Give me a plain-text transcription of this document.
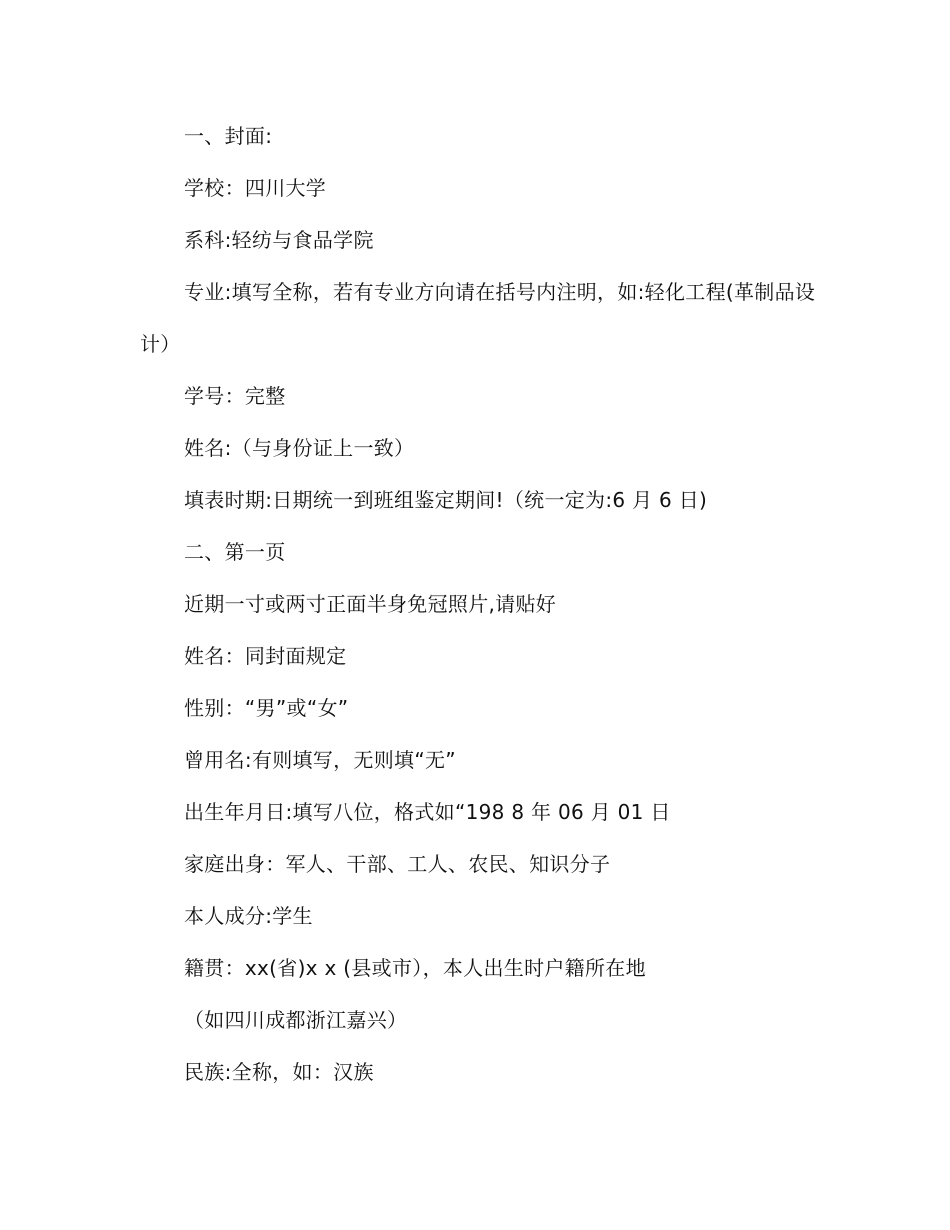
一、封面:

学校：四川大学

系科:轻纺与食品学院

专业:填写全称，若有专业方向请在括号内注明，如:轻化工程(革制品设计）

学号：完整

姓名:（与身份证上一致）

填表时期:日期统一到班组鉴定期间!（统一定为:6 月 6 日)

二、第一页

近期一寸或两寸正面半身免冠照片,请贴好

姓名：同封面规定

性别：“男”或“女”

曾用名:有则填写，无则填“无”

出生年月日:填写八位，格式如“198 8 年 06 月 01 日

家庭出身：军人、干部、工人、农民、知识分子

本人成分:学生

籍贯：xx(省)x x (县或市），本人出生时户籍所在地

（如四川成都浙江嘉兴）

民族:全称，如：汉族
